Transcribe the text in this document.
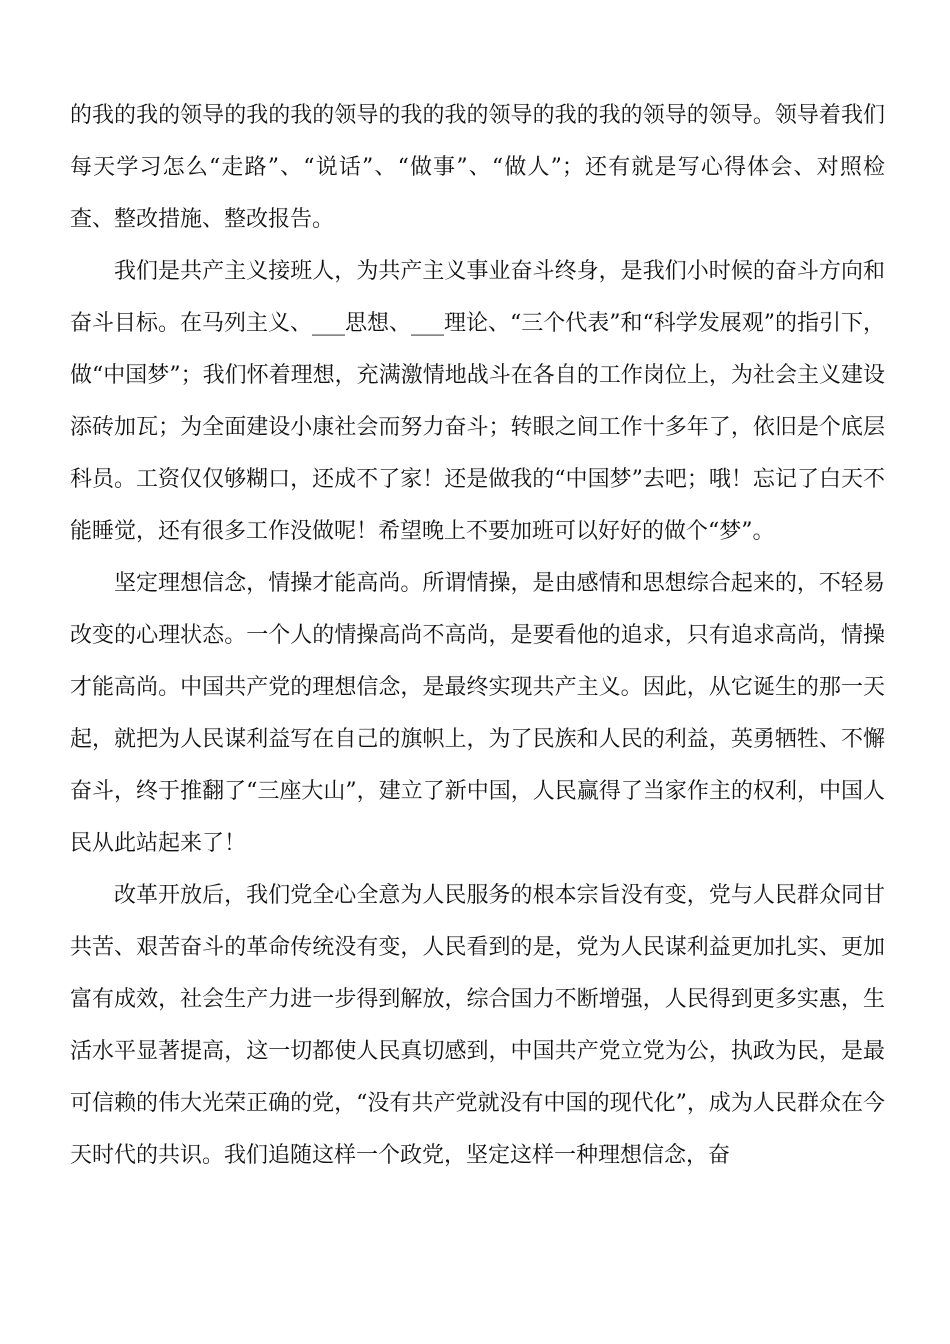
的我的我的领导的我的我的领导的我的我的领导的我的我的领导的领导。领导着我们每天学习怎么“走路”、“说话”、“做事”、“做人”；还有就是写心得体会、对照检查、整改措施、整改报告。

我们是共产主义接班人，为共产主义事业奋斗终身，是我们小时候的奋斗方向和奋斗目标。在马列主义、___思想、___理论、“三个代表”和“科学发展观”的指引下，做“中国梦”；我们怀着理想，充满激情地战斗在各自的工作岗位上，为社会主义建设添砖加瓦；为全面建设小康社会而努力奋斗；转眼之间工作十多年了，依旧是个底层科员。工资仅仅够糊口，还成不了家！还是做我的“中国梦”去吧；哦！忘记了白天不能睡觉，还有很多工作没做呢！希望晚上不要加班可以好好的做个“梦”。

坚定理想信念，情操才能高尚。所谓情操，是由感情和思想综合起来的，不轻易改变的心理状态。一个人的情操高尚不高尚，是要看他的追求，只有追求高尚，情操才能高尚。中国共产党的理想信念，是最终实现共产主义。因此，从它诞生的那一天起，就把为人民谋利益写在自己的旗帜上，为了民族和人民的利益，英勇牺牲、不懈奋斗，终于推翻了“三座大山”，建立了新中国，人民赢得了当家作主的权利，中国人民从此站起来了！

改革开放后，我们党全心全意为人民服务的根本宗旨没有变，党与人民群众同甘共苦、艰苦奋斗的革命传统没有变，人民看到的是，党为人民谋利益更加扎实、更加富有成效，社会生产力进一步得到解放，综合国力不断增强，人民得到更多实惠，生活水平显著提高，这一切都使人民真切感到，中国共产党立党为公，执政为民，是最可信赖的伟大光荣正确的党，“没有共产党就没有中国的现代化”，成为人民群众在今天时代的共识。我们追随这样一个政党，坚定这样一种理想信念，奋
